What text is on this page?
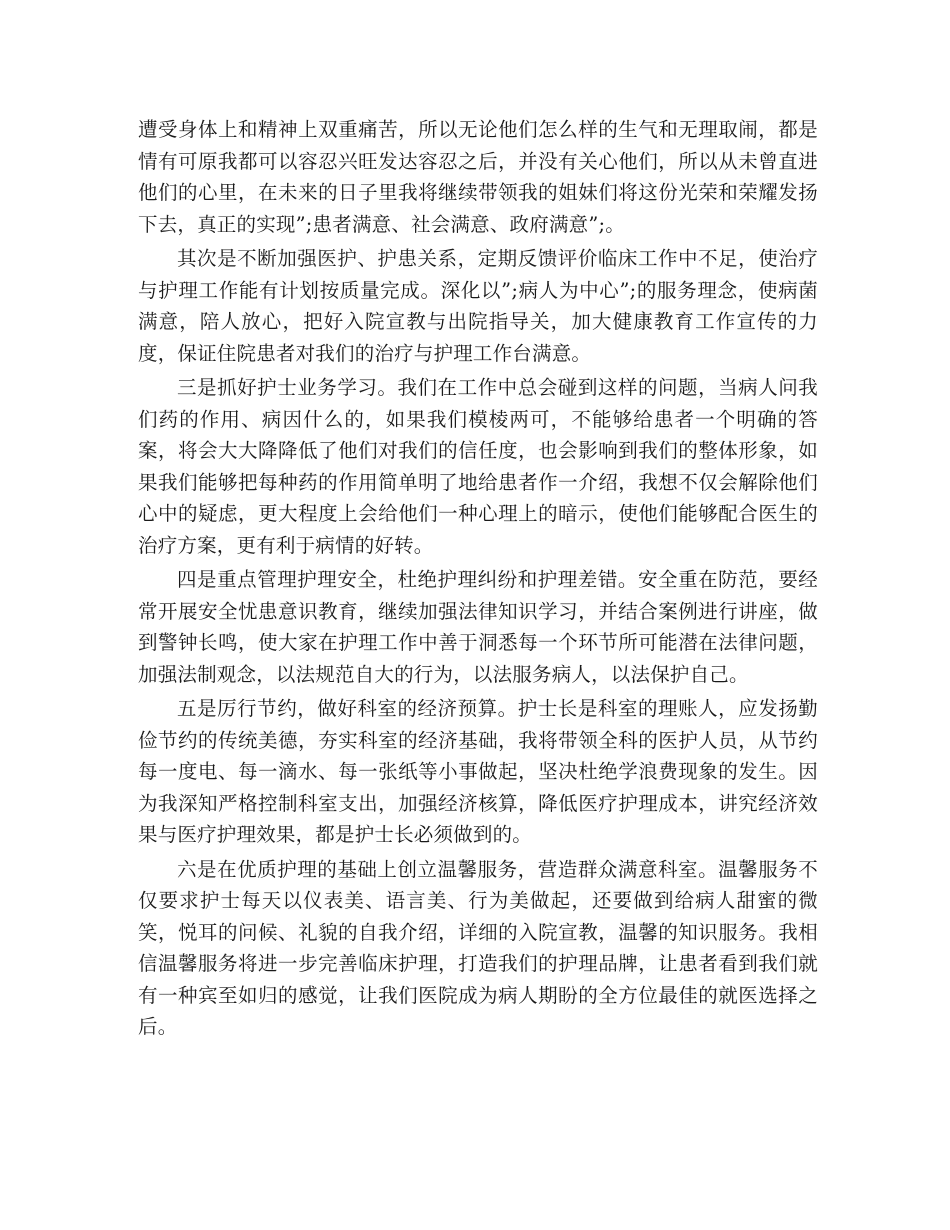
遭受身体上和精神上双重痛苦，所以无论他们怎么样的生气和无理取闹，都是情有可原我都可以容忍兴旺发达容忍之后，并没有关心他们，所以从未曾直进他们的心里，在未来的日子里我将继续带领我的姐妹们将这份光荣和荣耀发扬下去，真正的实现”;患者满意、社会满意、政府满意”;。

其次是不断加强医护、护患关系，定期反馈评价临床工作中不足，使治疗与护理工作能有计划按质量完成。深化以”;病人为中心”;的服务理念，使病菌满意，陪人放心，把好入院宣教与出院指导关，加大健康教育工作宣传的力度，保证住院患者对我们的治疗与护理工作台满意。

三是抓好护士业务学习。我们在工作中总会碰到这样的问题，当病人问我们药的作用、病因什么的，如果我们模棱两可，不能够给患者一个明确的答案，将会大大降降低了他们对我们的信任度，也会影响到我们的整体形象，如果我们能够把每种药的作用简单明了地给患者作一介绍，我想不仅会解除他们心中的疑虑，更大程度上会给他们一种心理上的暗示，使他们能够配合医生的治疗方案，更有利于病情的好转。

四是重点管理护理安全，杜绝护理纠纷和护理差错。安全重在防范，要经常开展安全忧患意识教育，继续加强法律知识学习，并结合案例进行讲座，做到警钟长鸣，使大家在护理工作中善于洞悉每一个环节所可能潜在法律问题，加强法制观念，以法规范自大的行为，以法服务病人，以法保护自己。

五是厉行节约，做好科室的经济预算。护士长是科室的理账人，应发扬勤俭节约的传统美德，夯实科室的经济基础，我将带领全科的医护人员，从节约每一度电、每一滴水、每一张纸等小事做起，坚决杜绝学浪费现象的发生。因为我深知严格控制科室支出，加强经济核算，降低医疗护理成本，讲究经济效果与医疗护理效果，都是护士长必须做到的。

六是在优质护理的基础上创立温馨服务，营造群众满意科室。温馨服务不仅要求护士每天以仪表美、语言美、行为美做起，还要做到给病人甜蜜的微笑，悦耳的问候、礼貌的自我介绍，详细的入院宣教，温馨的知识服务。我相信温馨服务将进一步完善临床护理，打造我们的护理品牌，让患者看到我们就有一种宾至如归的感觉，让我们医院成为病人期盼的全方位最佳的就医选择之后。
